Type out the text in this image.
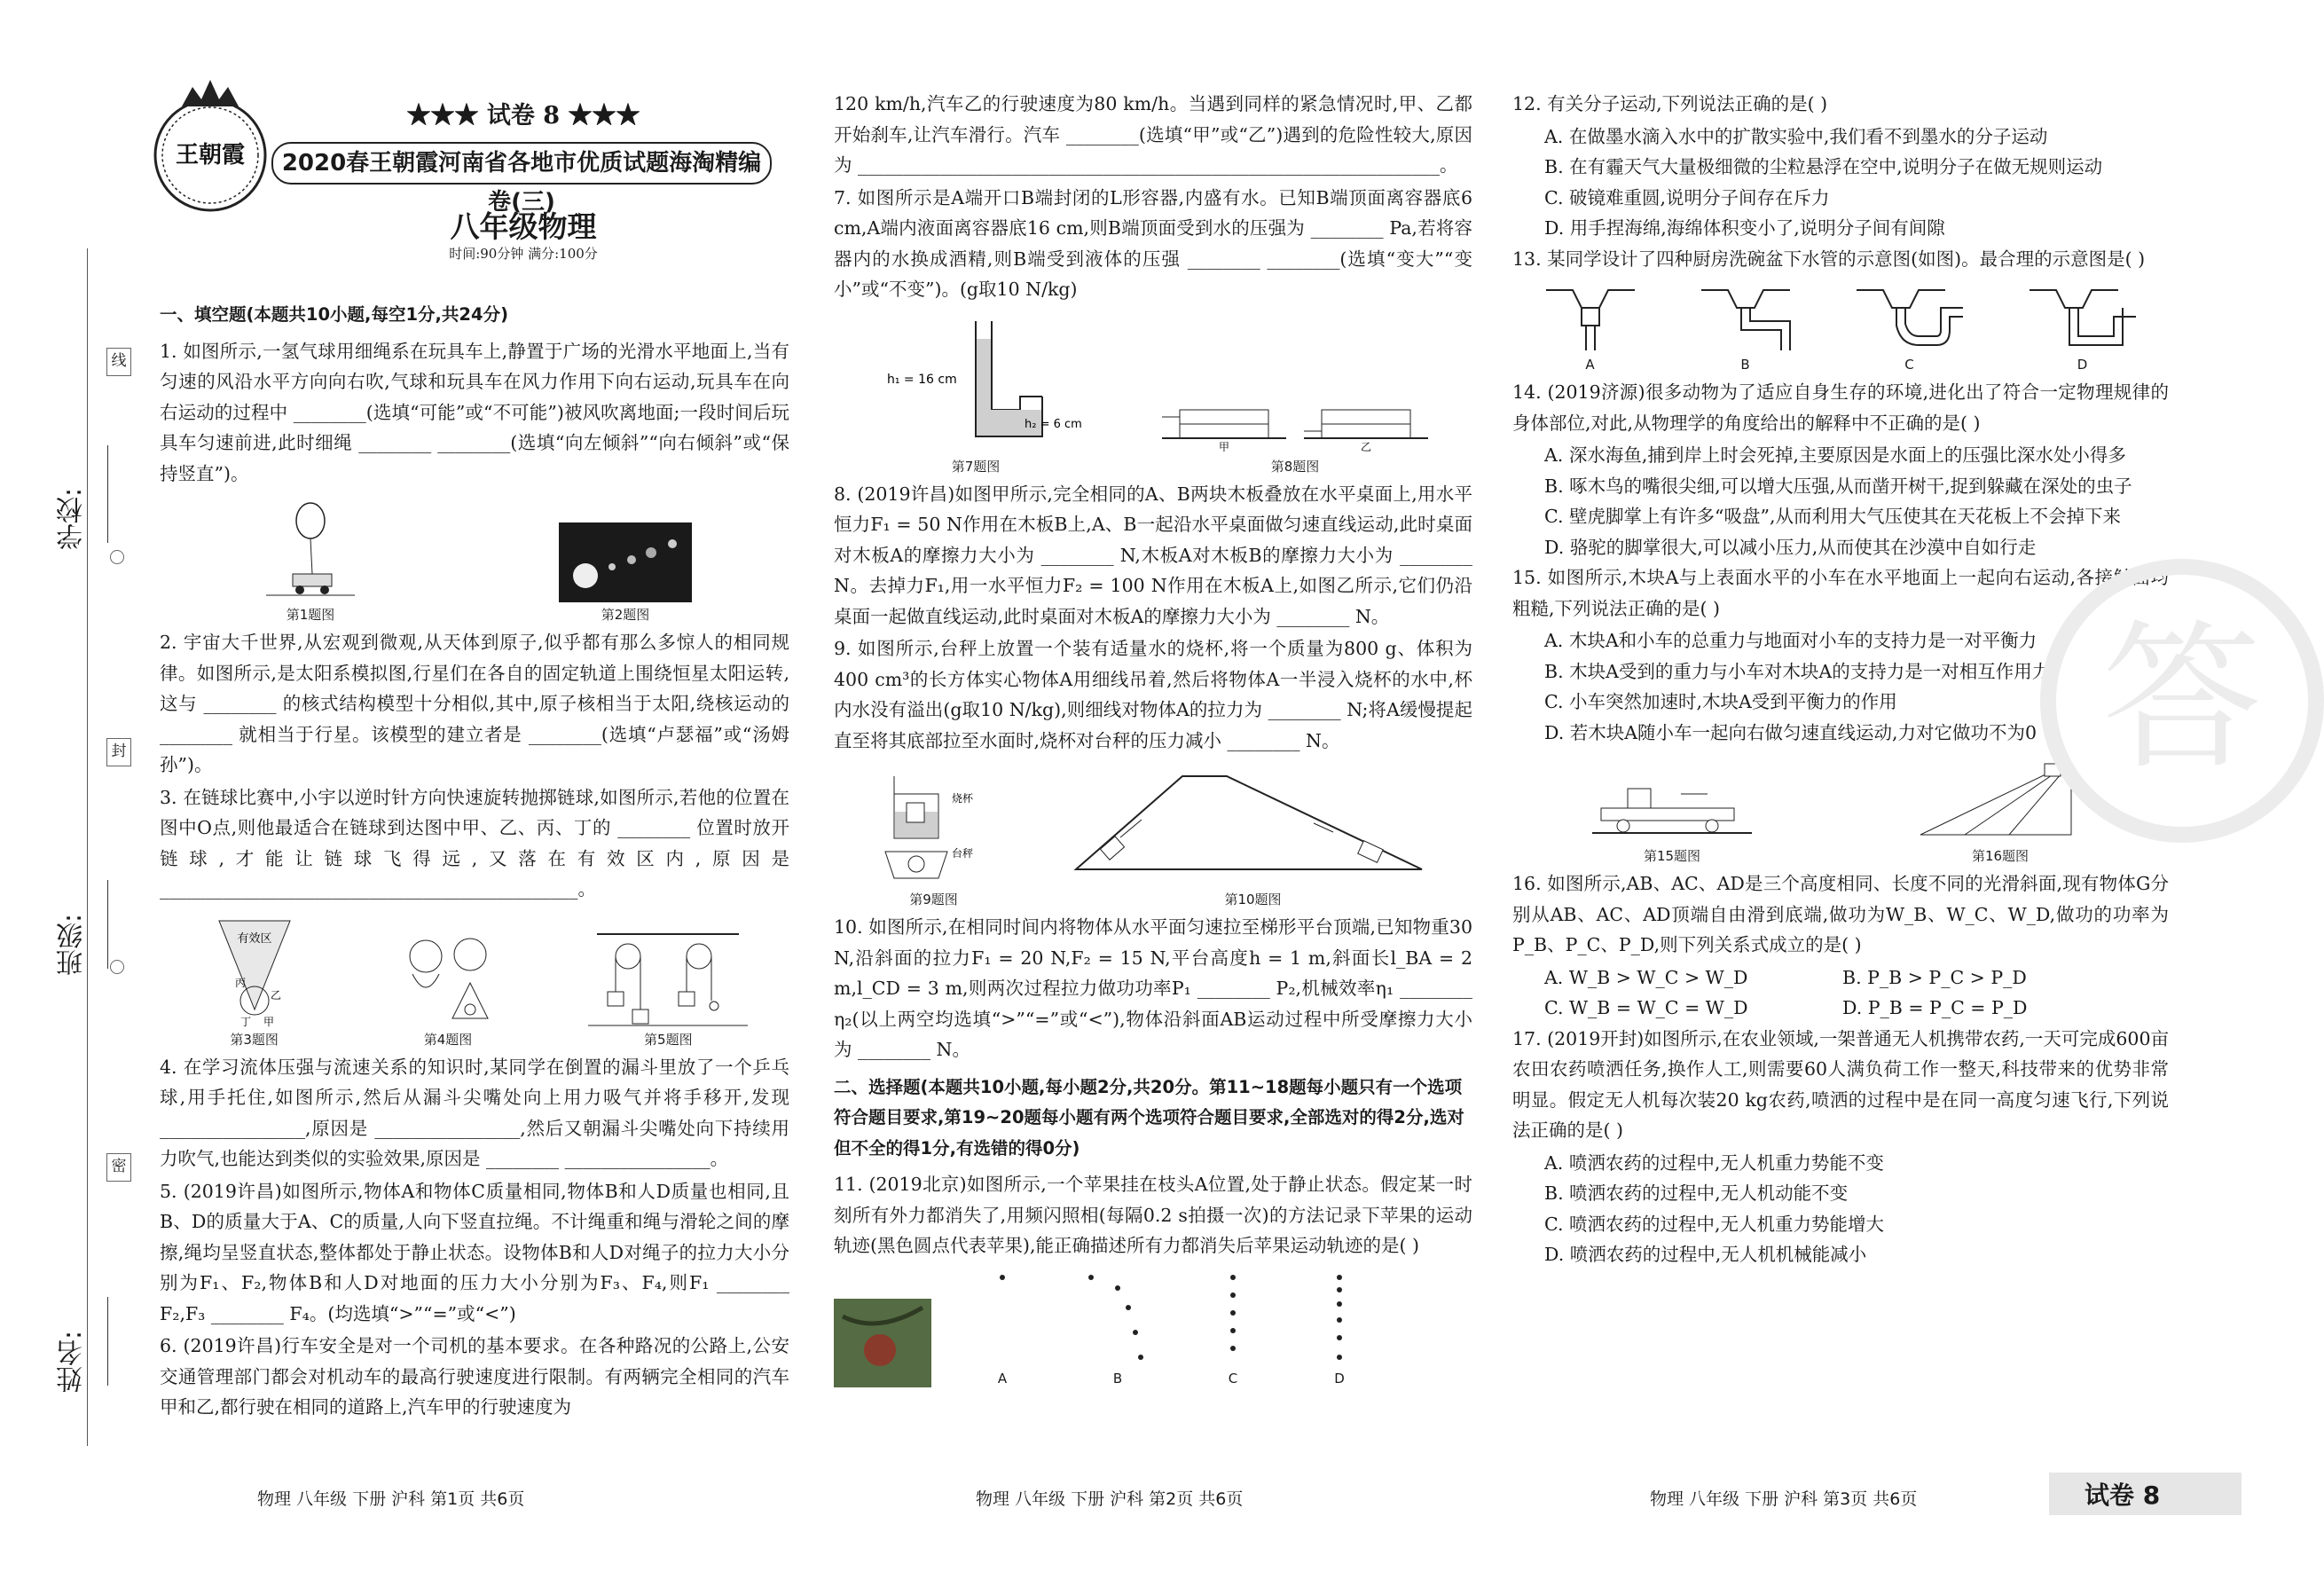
线
封
密
学校:
班级:
姓名:
王朝霞
★★★ 试卷 8 ★★★
2020春王朝霞河南省各地市优质试题海淘精编卷(三)
八年级物理
时间:90分钟 满分:100分
一、填空题(本题共10小题,每空1分,共24分)

1. 如图所示,一氢气球用细绳系在玩具车上,静置于广场的光滑水平地面上,当有匀速的风沿水平方向向右吹,气球和玩具车在风力作用下向右运动,玩具车在向右运动的过程中 ________(选填“可能”或“不可能”)被风吹离地面;一段时间后玩具车匀速前进,此时细绳 ________ ________(选填“向左倾斜”“向右倾斜”或“保持竖直”)。

第1题图	第2题图

2. 宇宙大千世界,从宏观到微观,从天体到原子,似乎都有那么多惊人的相同规律。如图所示,是太阳系模拟图,行星们在各自的固定轨道上围绕恒星太阳运转,这与 ________ 的核式结构模型十分相似,其中,原子核相当于太阳,绕核运动的 ________ 就相当于行星。该模型的建立者是 ________(选填“卢瑟福”或“汤姆孙”)。

3. 在链球比赛中,小宇以逆时针方向快速旋转抛掷链球,如图所示,若他的位置在图中O点,则他最适合在链球到达图中甲、乙、丙、丁的 ________ 位置时放开链球,才能让链球飞得远,又落在有效区内,原因是 ______________________________________________。

有效区
丙
乙
丁 甲
第3题图	第4题图	第5题图

4. 在学习流体压强与流速关系的知识时,某同学在倒置的漏斗里放了一个乒乓球,用手托住,如图所示,然后从漏斗尖嘴处向上用力吸气并将手移开,发现 ________________,原因是 ________________,然后又朝漏斗尖嘴处向下持续用力吹气,也能达到类似的实验效果,原因是 ________ ________________。

5. (2019许昌)如图所示,物体A和物体C质量相同,物体B和人D质量也相同,且B、D的质量大于A、C的质量,人向下竖直拉绳。不计绳重和绳与滑轮之间的摩擦,绳均呈竖直状态,整体都处于静止状态。设物体B和人D对绳子的拉力大小分别为F₁、F₂,物体B和人D对地面的压力大小分别为F₃、F₄,则F₁ ________ F₂,F₃ ________ F₄。(均选填“>”“=”或“<”)

6. (2019许昌)行车安全是对一个司机的基本要求。在各种路况的公路上,公安交通管理部门都会对机动车的最高行驶速度进行限制。有两辆完全相同的汽车甲和乙,都行驶在相同的道路上,汽车甲的行驶速度为

120 km/h,汽车乙的行驶速度为80 km/h。当遇到同样的紧急情况时,甲、乙都开始刹车,让汽车滑行。汽车 ________(选填“甲”或“乙”)遇到的危险性较大,原因为 ________________________________________________________________。

7. 如图所示是A端开口B端封闭的L形容器,内盛有水。已知B端顶面离容器底6 cm,A端内液面离容器底16 cm,则B端顶面受到水的压强为 ________ Pa,若将容器内的水换成酒精,则B端受到液体的压强 ________ ________(选填“变大”“变小”或“不变”)。(g取10 N/kg)

h₁ = 16 cm
h₂ = 6 cm
第7题图
甲	乙
第8题图

8. (2019许昌)如图甲所示,完全相同的A、B两块木板叠放在水平桌面上,用水平恒力F₁ = 50 N作用在木板B上,A、B一起沿水平桌面做匀速直线运动,此时桌面对木板A的摩擦力大小为 ________ N,木板A对木板B的摩擦力大小为 ________ N。去掉力F₁,用一水平恒力F₂ = 100 N作用在木板A上,如图乙所示,它们仍沿桌面一起做直线运动,此时桌面对木板A的摩擦力大小为 ________ N。

9. 如图所示,台秤上放置一个装有适量水的烧杯,将一个质量为800 g、体积为400 cm³的长方体实心物体A用细线吊着,然后将物体A一半浸入烧杯的水中,杯内水没有溢出(g取10 N/kg),则细线对物体A的拉力为 ________ N;将A缓慢提起直至将其底部拉至水面时,烧杯对台秤的压力减小 ________ N。

烧杯
台秤
第9题图	第10题图

10. 如图所示,在相同时间内将物体从水平面匀速拉至梯形平台顶端,已知物重30 N,沿斜面的拉力F₁ = 20 N,F₂ = 15 N,平台高度h = 1 m,斜面长l_BA = 2 m,l_CD = 3 m,则两次过程拉力做功功率P₁ ________ P₂,机械效率η₁ ________ η₂(以上两空均选填“>”“=”或“<”),物体沿斜面AB运动过程中所受摩擦力大小为 ________ N。

二、选择题(本题共10小题,每小题2分,共20分。第11~18题每小题只有一个选项符合题目要求,第19~20题每小题有两个选项符合题目要求,全部选对的得2分,选对但不全的得1分,有选错的得0分)

11. (2019北京)如图所示,一个苹果挂在枝头A位置,处于静止状态。假定某一时刻所有外力都消失了,用频闪照相(每隔0.2 s拍摄一次)的方法记录下苹果的运动轨迹(黑色圆点代表苹果),能正确描述所有力都消失后苹果运动轨迹的是( )

A	B	C	D

12. 有关分子运动,下列说法正确的是( )

A. 在做墨水滴入水中的扩散实验中,我们看不到墨水的分子运动
B. 在有霾天气大量极细微的尘粒悬浮在空中,说明分子在做无规则运动
C. 破镜难重圆,说明分子间存在斥力
D. 用手捏海绵,海绵体积变小了,说明分子间有间隙

13. 某同学设计了四种厨房洗碗盆下水管的示意图(如图)。最合理的示意图是( )

A	B	C	D

14. (2019济源)很多动物为了适应自身生存的环境,进化出了符合一定物理规律的身体部位,对此,从物理学的角度给出的解释中不正确的是( )

A. 深水海鱼,捕到岸上时会死掉,主要原因是水面上的压强比深水处小得多
B. 啄木鸟的嘴很尖细,可以增大压强,从而凿开树干,捉到躲藏在深处的虫子
C. 壁虎脚掌上有许多“吸盘”,从而利用大气压使其在天花板上不会掉下来
D. 骆驼的脚掌很大,可以减小压力,从而使其在沙漠中自如行走

15. 如图所示,木块A与上表面水平的小车在水平地面上一起向右运动,各接触面均粗糙,下列说法正确的是( )

A. 木块A和小车的总重力与地面对小车的支持力是一对平衡力
B. 木块A受到的重力与小车对木块A的支持力是一对相互作用力
C. 小车突然加速时,木块A受到平衡力的作用
D. 若木块A随小车一起向右做匀速直线运动,力对它做功不为0
第15题图	第16题图

16. 如图所示,AB、AC、AD是三个高度相同、长度不同的光滑斜面,现有物体G分别从AB、AC、AD顶端自由滑到底端,做功为W_B、W_C、W_D,做功的功率为P_B、P_C、P_D,则下列关系式成立的是( )

A. W_B > W_C > W_D	B. P_B > P_C > P_D
C. W_B = W_C = W_D	D. P_B = P_C = P_D

17. (2019开封)如图所示,在农业领域,一架普通无人机携带农药,一天可完成600亩农田农药喷洒任务,换作人工,则需要60人满负荷工作一整天,科技带来的优势非常明显。假定无人机每次装20 kg农药,喷洒的过程中是在同一高度匀速飞行,下列说法正确的是( )

A. 喷洒农药的过程中,无人机重力势能不变
B. 喷洒农药的过程中,无人机动能不变
C. 喷洒农药的过程中,无人机重力势能增大
D. 喷洒农药的过程中,无人机机械能减小
答
物理 八年级 下册 沪科 第1页 共6页	物理 八年级 下册 沪科 第2页 共6页	物理 八年级 下册 沪科 第3页 共6页	试卷 8
